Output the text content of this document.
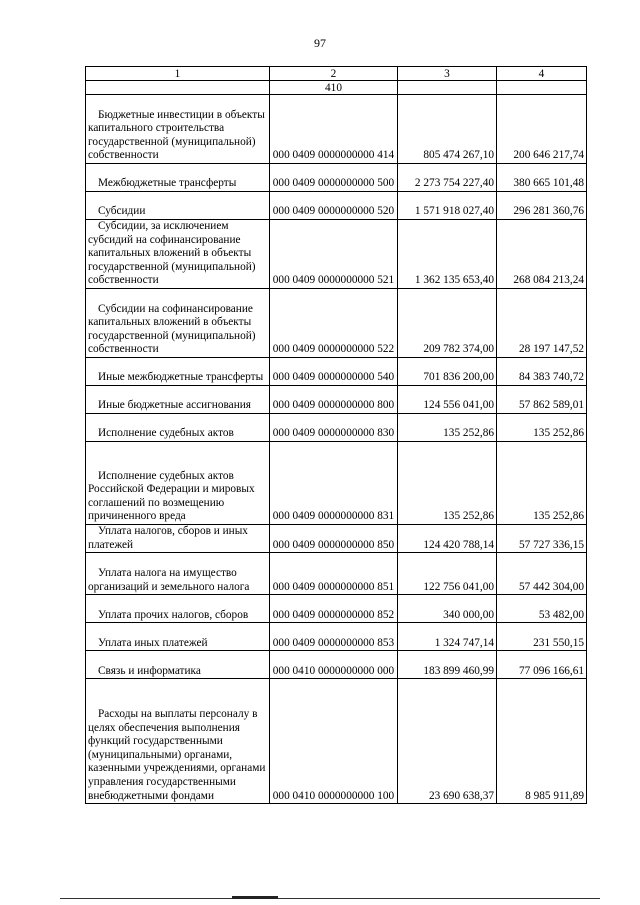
97
1	2	3	4
	410		
Бюджетные инвестиции в объекты капитального строительства государственной (муниципальной) собственности	000 0409 0000000000 414	805 474 267,10	200 646 217,74
Межбюджетные трансферты	000 0409 0000000000 500	2 273 754 227,40	380 665 101,48
Субсидии	000 0409 0000000000 520	1 571 918 027,40	296 281 360,76
Субсидии, за исключением субсидий на софинансирование капитальных вложений в объекты государственной (муниципальной) собственности	000 0409 0000000000 521	1 362 135 653,40	268 084 213,24
Субсидии на софинансирование капитальных вложений в объекты государственной (муниципальной) собственности	000 0409 0000000000 522	209 782 374,00	28 197 147,52
Иные межбюджетные трансферты	000 0409 0000000000 540	701 836 200,00	84 383 740,72
Иные бюджетные ассигнования	000 0409 0000000000 800	124 556 041,00	57 862 589,01
Исполнение судебных актов	000 0409 0000000000 830	135 252,86	135 252,86
Исполнение судебных актов Российской Федерации и мировых соглашений по возмещению причиненного вреда	000 0409 0000000000 831	135 252,86	135 252,86
Уплата налогов, сборов и иных платежей	000 0409 0000000000 850	124 420 788,14	57 727 336,15
Уплата налога на имущество организаций и земельного налога	000 0409 0000000000 851	122 756 041,00	57 442 304,00
Уплата прочих налогов, сборов	000 0409 0000000000 852	340 000,00	53 482,00
Уплата иных платежей	000 0409 0000000000 853	1 324 747,14	231 550,15
Связь и информатика	000 0410 0000000000 000	183 899 460,99	77 096 166,61
Расходы на выплаты персоналу в целях обеспечения выполнения функций государственными (муниципальными) органами, казенными учреждениями, органами управления государственными внебюджетными фондами	000 0410 0000000000 100	23 690 638,37	8 985 911,89
